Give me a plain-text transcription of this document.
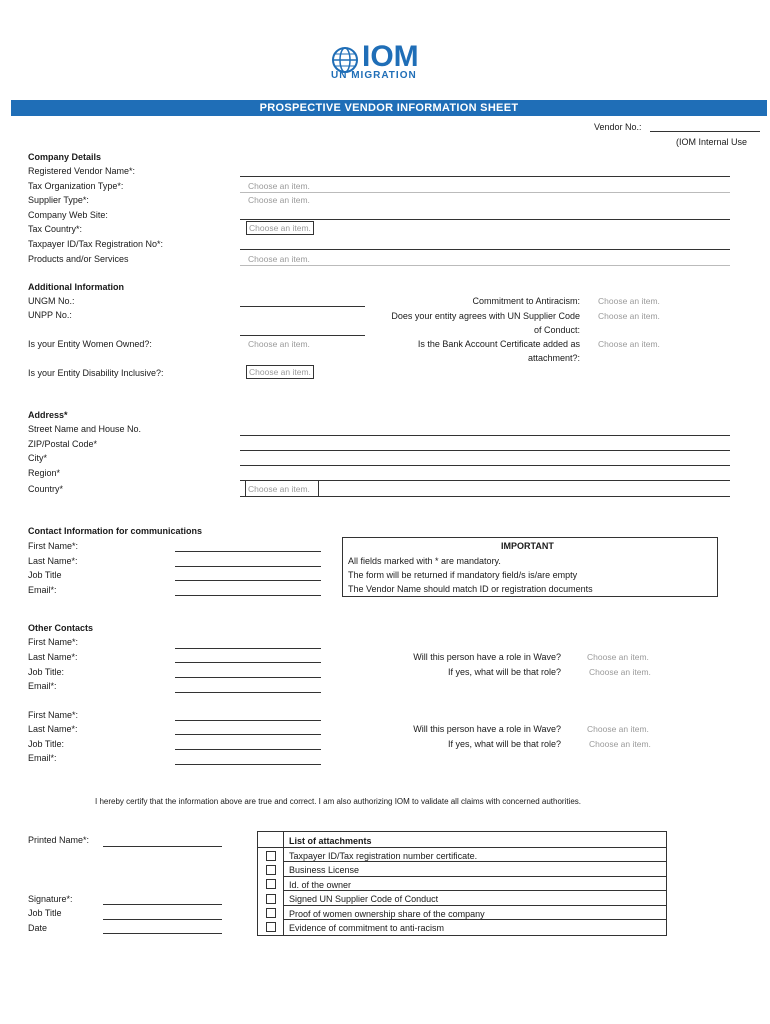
IOM
UN MIGRATION
PROSPECTIVE VENDOR INFORMATION SHEET
Vendor No.:
(IOM Internal Use
Company Details
Registered Vendor Name*:
Tax Organization Type*:	Choose an item.
Supplier Type*:	Choose an item.
Company Web Site:
Tax Country*:	Choose an item.
Taxpayer ID/Tax Registration No*:
Products and/or Services	Choose an item.
Additional Information
UNGM No.:
UNPP No.:
Is your Entity Women Owned?:	Choose an item.
Is your Entity Disability Inclusive?:	Choose an item.
Commitment to Antiracism: Choose an item.
Does your entity agrees with UN Supplier Code
of Conduct:
Choose an item.
Is the Bank Account Certificate added as
attachment?:
Choose an item.
Address*
Street Name and House No.
ZIP/Postal Code*
City*
Region*
Country*	Choose an item.
Contact Information for communications
First Name*:
Last Name*:
Job Title
Email*:
IMPORTANT
All fields marked with * are mandatory.
The form will be returned if mandatory field/s is/are empty
The Vendor Name should match ID or registration documents
Other Contacts
First Name*:
Last Name*:
Job Title:
Email*:
Will this person have a role in Wave?	Choose an item.
If yes, what will be that role?	Choose an item.
First Name*:
Last Name*:
Job Title:
Email*:
Will this person have a role in Wave?	Choose an item.
If yes, what will be that role?	Choose an item.
I hereby certify that the information above are true and correct. I am also authorizing IOM to validate all claims with concerned authorities.
Printed Name*:
Signature*:
Job Title
Date
List of attachments
Taxpayer ID/Tax registration number certificate.
Business License
Id. of the owner
Signed UN Supplier Code of Conduct
Proof of women ownership share of the company
Evidence of commitment to anti-racism
